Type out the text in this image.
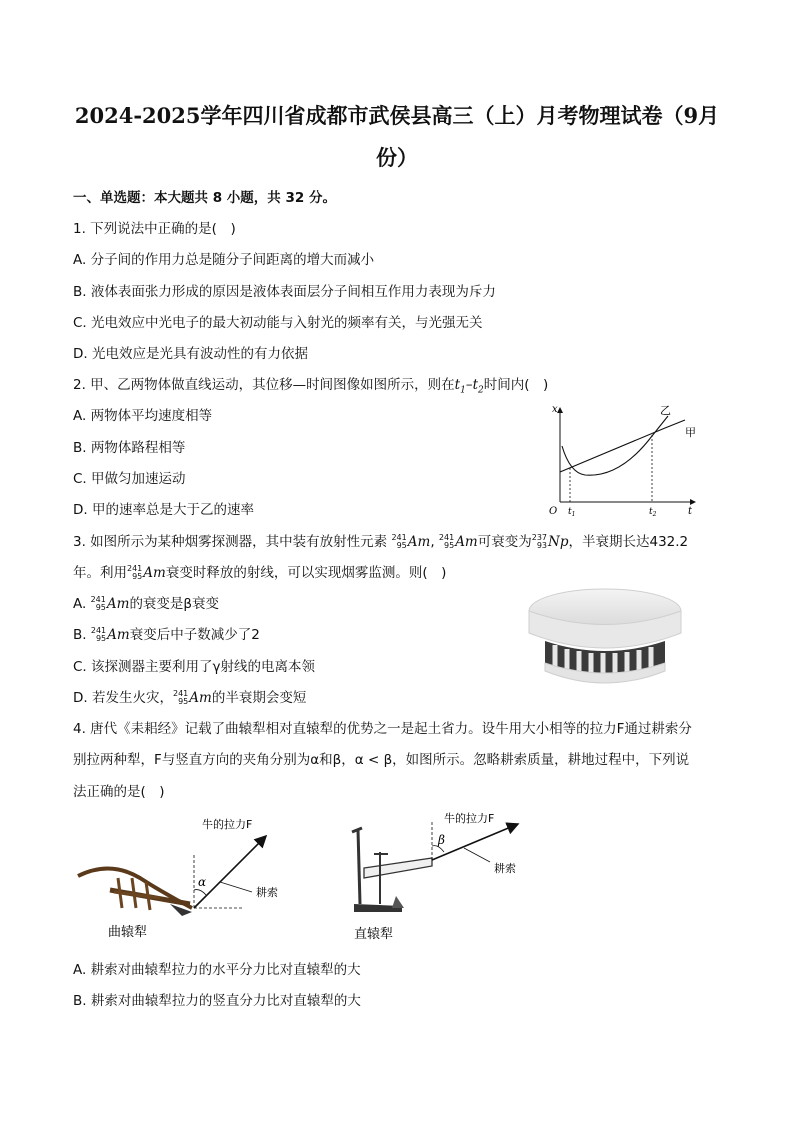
2024-2025学年四川省成都市武侯县高三（上）月考物理试卷（9月
份）
一、单选题：本大题共 8 小题，共 32 分。
1. 下列说法中正确的是(　)
A. 分子间的作用力总是随分子间距离的增大而减小
B. 液体表面张力形成的原因是液体表面层分子间相互作用力表现为斥力
C. 光电效应中光电子的最大初动能与入射光的频率有关，与光强无关
D. 光电效应是光具有波动性的有力依据
2. 甲、乙两物体做直线运动，其位移—时间图像如图所示，则在$t_1-t_2$时间内(　)
A. 两物体平均速度相等
B. 两物体路程相等
C. 甲做匀加速运动
D. 甲的速率总是大于乙的速率
x
t
O $t_1$	$t_2$
乙
甲
3. 如图所示为某种烟雾探测器，其中装有放射性元素 241
95 Am, 241
95 Am可衰变为 237
93 Np，半衰期长达432.2
年。利用 241
95 Am衰变时释放的射线，可以实现烟雾监测。则(　)
A. 241
95 Am的衰变是β衰变
B. 241
95 Am衰变后中子数减少了2
C. 该探测器主要利用了γ射线的电离本领
D. 若发生火灾， 241
95 Am的半衰期会变短
4. 唐代《耒耜经》记载了曲辕犁相对直辕犁的优势之一是起土省力。设牛用大小相等的拉力F通过耕索分
别拉两种犁，F与竖直方向的夹角分别为α和β，α < β，如图所示。忽略耕索质量，耕地过程中，下列说
法正确的是(　)
α
牛的拉力F
耕索
曲辕犁
β
牛的拉力F
耕索
直辕犁
A. 耕索对曲辕犁拉力的水平分力比对直辕犁的大
B. 耕索对曲辕犁拉力的竖直分力比对直辕犁的大
